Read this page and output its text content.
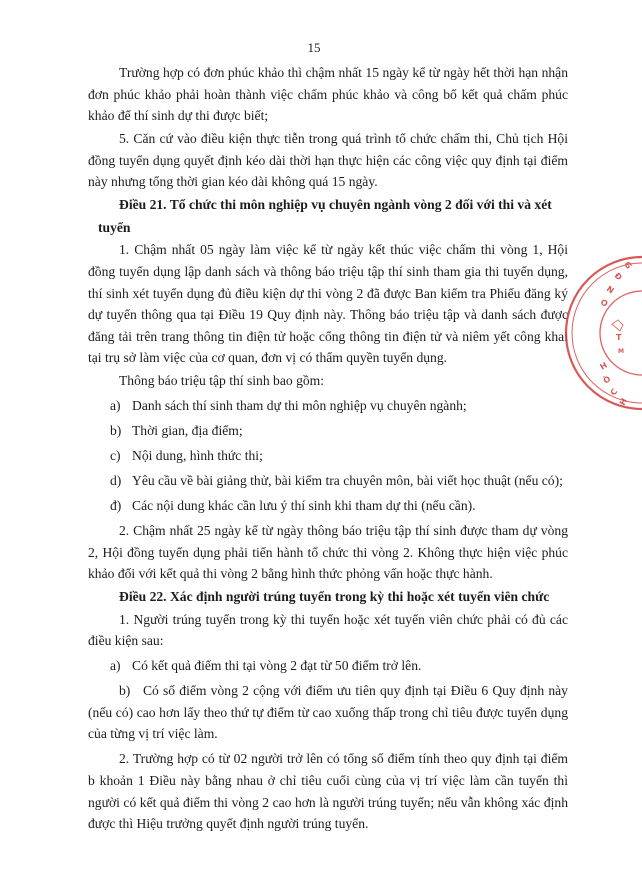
15

Trường hợp có đơn phúc khảo thì chậm nhất 15 ngày kể từ ngày hết thời hạn nhận đơn phúc khảo phải hoàn thành việc chấm phúc khảo và công bố kết quả chấm phúc khảo để thí sinh dự thi được biết;

5. Căn cứ vào điều kiện thực tiễn trong quá trình tổ chức chấm thi, Chủ tịch Hội đồng tuyển dụng quyết định kéo dài thời hạn thực hiện các công việc quy định tại điểm này nhưng tổng thời gian kéo dài không quá 15 ngày.

Điều 21. Tổ chức thi môn nghiệp vụ chuyên ngành vòng 2 đối với thi và xét

tuyển

1. Chậm nhất 05 ngày làm việc kể từ ngày kết thúc việc chấm thi vòng 1, Hội đồng tuyển dụng lập danh sách và thông báo triệu tập thí sinh tham gia thi tuyển dụng, thí sinh xét tuyển dụng đủ điều kiện dự thi vòng 2 đã được Ban kiểm tra Phiếu đăng ký dự tuyển thông qua tại Điều 19 Quy định này. Thông báo triệu tập và danh sách được đăng tải trên trang thông tin điện tử hoặc cổng thông tin điện tử và niêm yết công khai tại trụ sở làm việc của cơ quan, đơn vị có thẩm quyền tuyển dụng.

Thông báo triệu tập thí sinh bao gồm:

a) Danh sách thí sinh tham dự thi môn nghiệp vụ chuyên ngành;
b) Thời gian, địa điểm;
c) Nội dung, hình thức thi;
d) Yêu cầu về bài giảng thử, bài kiểm tra chuyên môn, bài viết học thuật (nếu có);
đ) Các nội dung khác cần lưu ý thí sinh khi tham dự thi (nếu cần).

2. Chậm nhất 25 ngày kể từ ngày thông báo triệu tập thí sinh được tham dự vòng 2, Hội đồng tuyển dụng phải tiến hành tổ chức thi vòng 2. Không thực hiện việc phúc khảo đối với kết quả thi vòng 2 bằng hình thức phỏng vấn hoặc thực hành.

Điều 22. Xác định người trúng tuyển trong kỳ thi hoặc xét tuyển viên chức

1. Người trúng tuyển trong kỳ thi tuyển hoặc xét tuyển viên chức phải có đủ các điều kiện sau:

a) Có kết quả điểm thi tại vòng 2 đạt từ 50 điểm trở lên.

b) Có số điểm vòng 2 cộng với điểm ưu tiên quy định tại Điều 6 Quy định này (nếu có) cao hơn lấy theo thứ tự điểm từ cao xuống thấp trong chỉ tiêu được tuyển dụng của từng vị trí việc làm.

2. Trường hợp có từ 02 người trở lên có tổng số điểm tính theo quy định tại điểm b khoản 1 Điều này bằng nhau ở chỉ tiêu cuối cùng của vị trí việc làm cần tuyển thì người có kết quả điểm thi vòng 2 cao hơn là người trúng tuyển; nếu vẫn không xác định được thì Hiệu trưởng quyết định người trúng tuyển.

G
Đ
N
O
H
Ô
C
H
T
M
